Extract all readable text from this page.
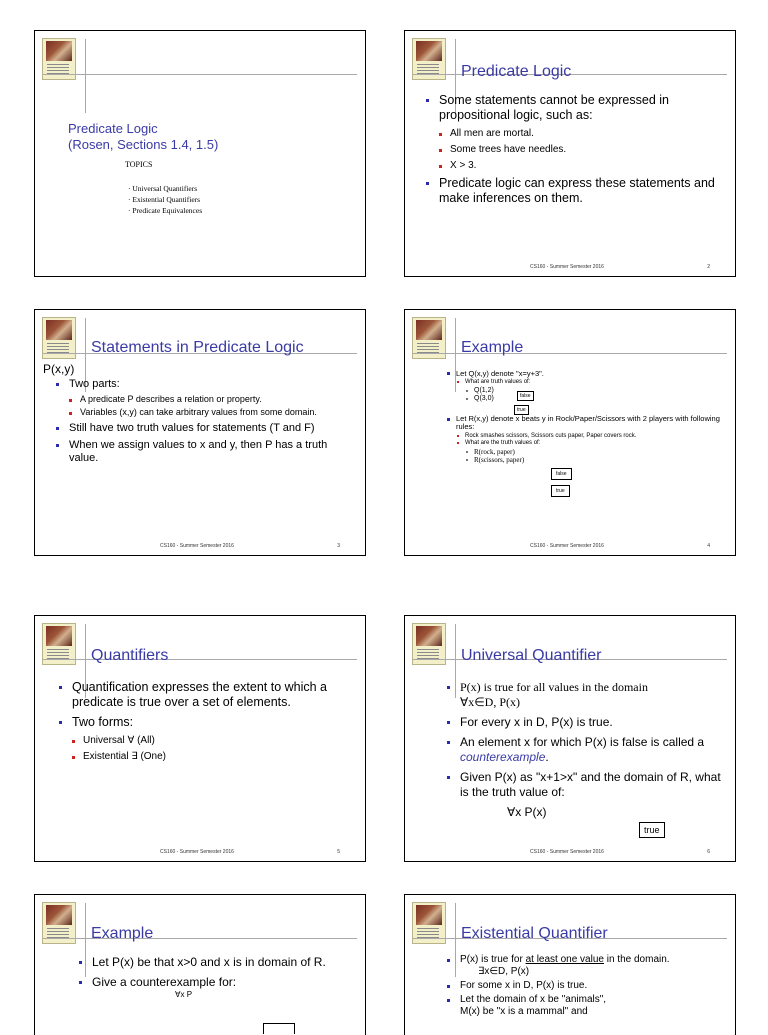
Predicate Logic
(Rosen, Sections 1.4, 1.5)
TOPICS
· Universal Quantifiers
· Existential Quantifiers
· Predicate Equivalences
Predicate Logic
Some statements cannot be expressed in propositional logic, such as:
All men are mortal.
Some trees have needles.
X > 3.
Predicate logic can express these statements and make inferences on them.
CS160 - Summer Semester 2016	2
Statements in Predicate Logic
P(x,y)
Two parts:
A predicate P describes a relation or property.
Variables (x,y) can take arbitrary values from some domain.
Still have two truth values for statements (T and F)
When we assign values to x and y, then P has a truth value.
CS160 - Summer Semester 2016	3
Example
Let Q(x,y) denote "x=y+3".
What are truth values of:
Q(1,2)
Q(3,0)	false
true
Let R(x,y) denote x beats y in Rock/Paper/Scissors with 2 players with following rules:
Rock smashes scissors, Scissors cuts paper, Paper covers rock.
What are the truth values of:
R(rock, paper)
R(scissors, paper)
false
true
CS160 - Summer Semester 2016	4
Quantifiers
Quantification expresses the extent to which a predicate is true over a set of elements.
Two forms:
Universal ∀ (All)
Existential ∃ (One)
CS160 - Summer Semester 2016	5
Universal Quantifier
P(x) is true for all values in the domain
∀x∈D, P(x)
For every x in D, P(x) is true.
An element x for which P(x) is false is called a counterexample.
Given P(x) as "x+1>x" and the domain of R, what is the truth value of:
∀x P(x)
true
CS160 - Summer Semester 2016	6
Example
Let P(x) be that x>0 and x is in domain of R.
Give a counterexample for:
∀x P
Existential Quantifier
P(x) is true for at least one value in the domain.
∃x∈D, P(x)
For some x in D, P(x) is true.
Let the domain of x be "animals",
M(x) be "x is a mammal" and
